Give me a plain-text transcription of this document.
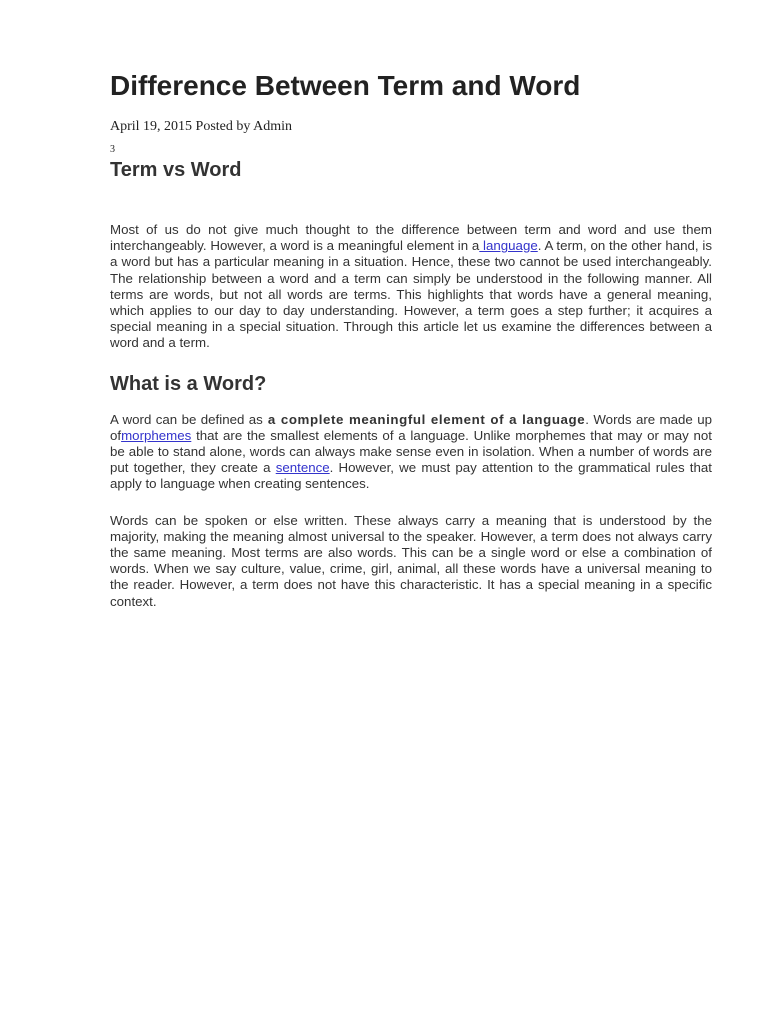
Difference Between Term and Word
April 19, 2015 Posted by Admin
3
Term vs Word

Most of us do not give much thought to the difference between term and word and use them interchangeably. However, a word is a meaningful element in a language. A term, on the other hand, is a word but has a particular meaning in a situation. Hence, these two cannot be used interchangeably. The relationship between a word and a term can simply be understood in the following manner. All terms are words, but not all words are terms. This highlights that words have a general meaning, which applies to our day to day understanding. However, a term goes a step further; it acquires a special meaning in a special situation. Through this article let us examine the differences between a word and a term.

What is a Word?

A word can be defined as a complete meaningful element of a language. Words are made up ofmorphemes that are the smallest elements of a language. Unlike morphemes that may or may not be able to stand alone, words can always make sense even in isolation. When a number of words are put together, they create a sentence. However, we must pay attention to the grammatical rules that apply to language when creating sentences.

Words can be spoken or else written. These always carry a meaning that is understood by the majority, making the meaning almost universal to the speaker. However, a term does not always carry the same meaning. Most terms are also words. This can be a single word or else a combination of words. When we say culture, value, crime, girl, animal, all these words have a universal meaning to the reader. However, a term does not have this characteristic. It has a special meaning in a specific context.
